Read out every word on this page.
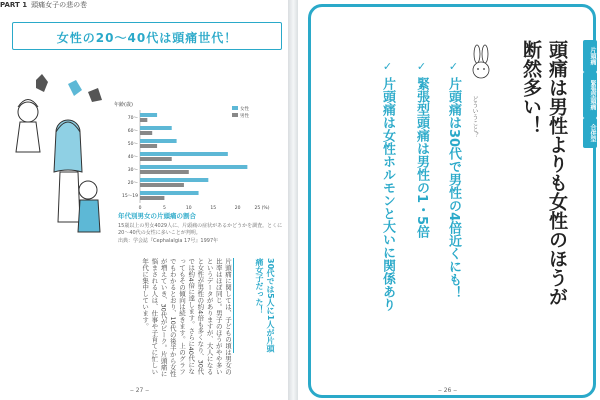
PART 1 頭痛女子の悲の巻
女性の20〜40代は頭痛世代！
年齢(歳)
70〜
60〜
50〜
40〜
30〜
20〜
15〜19
0	5	10	15	20	25 (%)
女性
男性
年代別男女の片頭痛の割合
15歳以上の男女4029人に、片頭痛の症状があるかどうかを調査。とくに20〜40代の女性に多いことが判明。
出典：学会誌『Cephalalgia 17号』1997年
片頭痛に関しては、子どもの頃は男女の比率はほぼ同じ。男子のほうがやや多いというデータがありますが、大人になると女性が男性の約4倍も多くなり、30代では約4倍に達します。さらに40代になってもその傾向は続きます。上のグラフでもわかるとおり、10代の後半から女性が増えていき、30代がピーク。片頭痛に悩まされる人は、仕事や子育てに忙しい年代に集中しています。	30代では5人に1人が片頭痛女子だった！
‒ 27 ‒
片頭痛
緊張型頭痛
合併型
頭痛は男性よりも女性のほうが断然多い！
どういうこと？
✓片頭痛は30代で男性の4倍近くにも！
✓緊張型頭痛は男性の1・5倍
✓片頭痛は女性ホルモンと大いに関係あり
‒ 26 ‒
